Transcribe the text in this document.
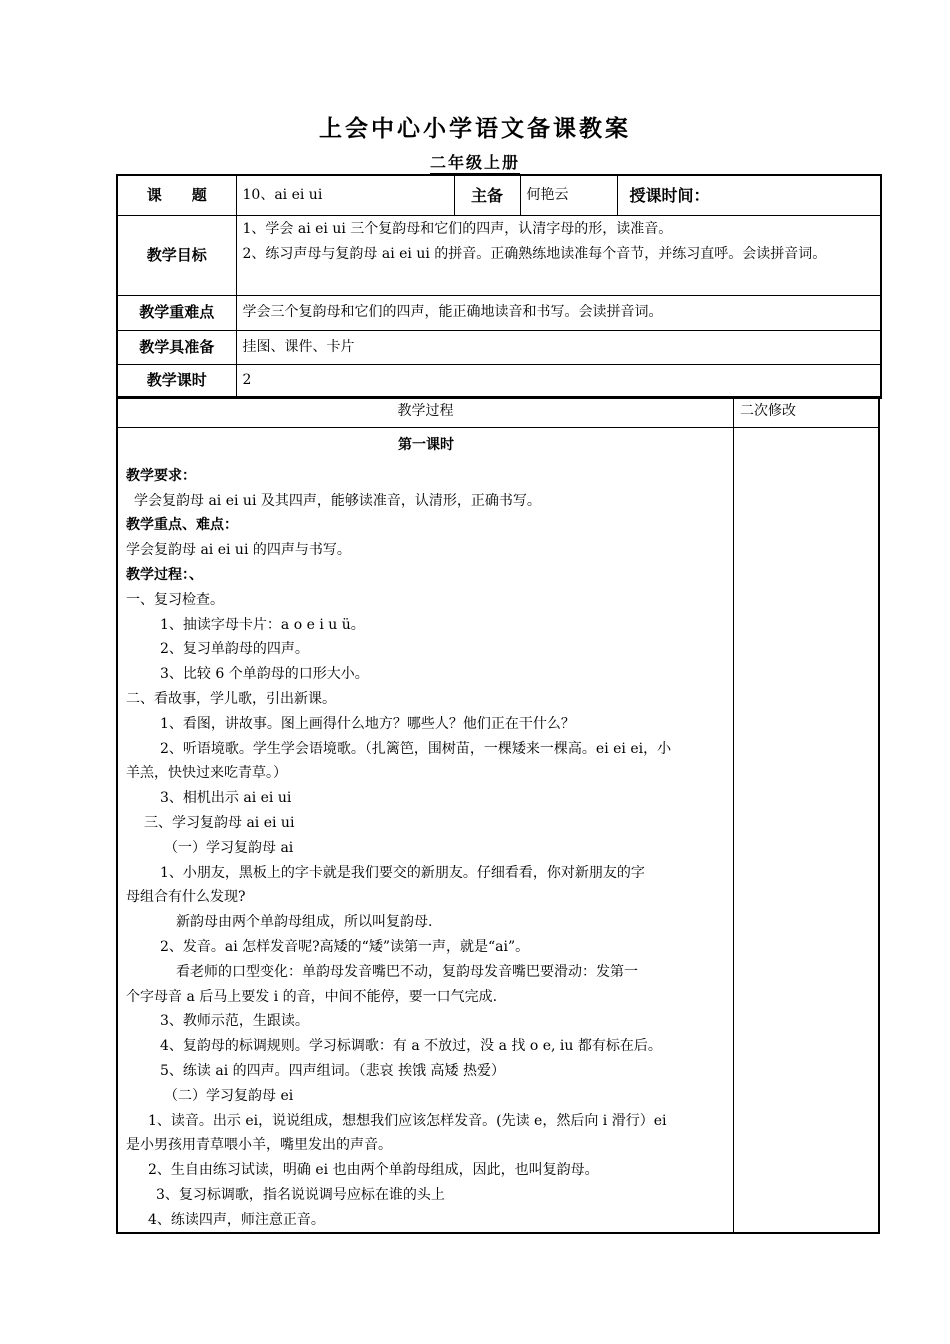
上会中心小学语文备课教案
二年级上册
课　　题	10、ai ei ui	主备	何艳云	授课时间：
教学目标	1、学会 ai ei ui 三个复韵母和它们的四声，认清字母的形，读准音。
2、练习声母与复韵母 ai ei ui 的拼音。正确熟练地读准每个音节，并练习直呼。会读拼音词。			

教学重难点	学会三个复韵母和它们的四声，能正确地读音和书写。会读拼音词。			
教学具准备	挂图、课件、卡片			
教学课时	2			
教学过程	二次修改

第一课时

教学要求：

学会复韵母 ai ei ui 及其四声，能够读准音，认清形，正确书写。

教学重点、难点：

学会复韵母 ai ei ui 的四声与书写。

教学过程：、

一、复习检查。

1、抽读字母卡片：a o e i u ü。

2、复习单韵母的四声。

3、比较 6 个单韵母的口形大小。

二、看故事，学儿歌，引出新课。

1、看图，讲故事。图上画得什么地方？哪些人？他们正在干什么？

2、听语境歌。学生学会语境歌。（扎篱笆，围树苗，一棵矮来一棵高。ei ei ei，小

羊羔，快快过来吃青草。）

3、相机出示 ai ei ui

三、学习复韵母 ai ei ui

（一）学习复韵母 ai

1、小朋友，黑板上的字卡就是我们要交的新朋友。仔细看看，你对新朋友的字

母组合有什么发现?

新韵母由两个单韵母组成，所以叫复韵母.

2、发音。ai 怎样发音呢?高矮的“矮”读第一声，就是“ai”。

看老师的口型变化：单韵母发音嘴巴不动，复韵母发音嘴巴要滑动：发第一

个字母音 a 后马上要发 i 的音，中间不能停，要一口气完成.

3、教师示范，生跟读。

4、复韵母的标调规则。学习标调歌：有 a 不放过，没 a 找 o e, iu 都有标在后。

5、练读 ai 的四声。四声组词。（悲哀 挨饿 高矮 热爱）

（二）学习复韵母 ei

1、读音。出示 ei，说说组成，想想我们应该怎样发音。(先读 e，然后向 i 滑行）ei

是小男孩用青草喂小羊，嘴里发出的声音。

2、生自由练习试读，明确 ei 也由两个单韵母组成，因此，也叫复韵母。

3、复习标调歌，指名说说调号应标在谁的头上

4、练读四声，师注意正音。
